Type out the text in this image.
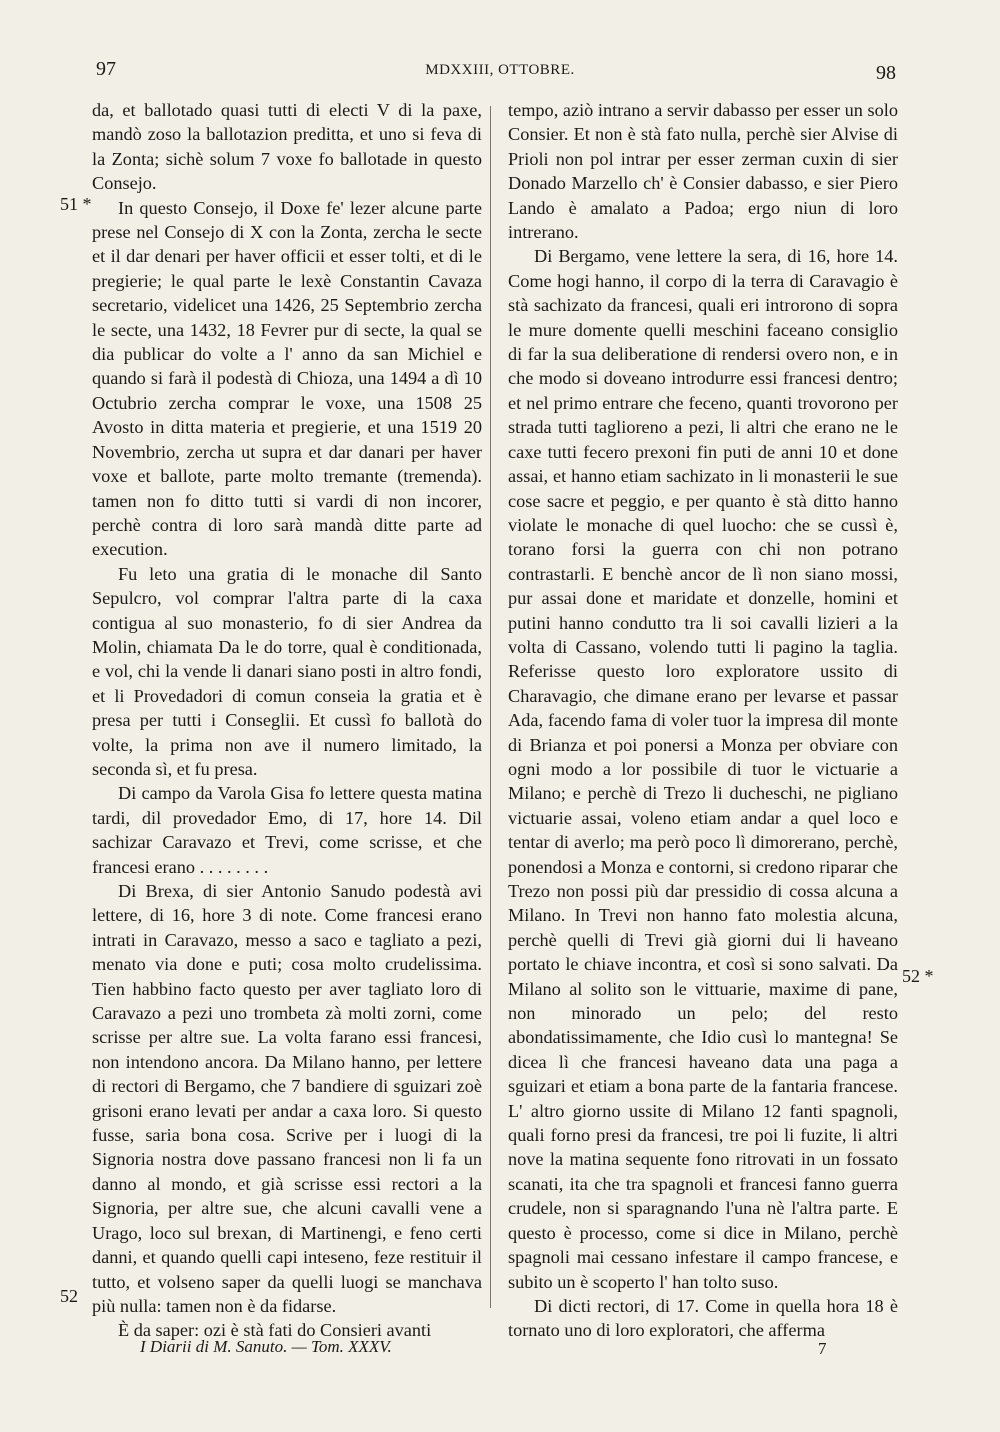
97	MDXXIII, OTTOBRE.	98
51 *
52
52 *

da, et ballotado quasi tutti di electi V di la paxe, mandò zoso la ballotazion preditta, et uno si feva di la Zonta; sichè solum 7 voxe fo ballotade in questo Consejo.

In questo Consejo, il Doxe fe' lezer alcune parte prese nel Consejo di X con la Zonta, zercha le secte et il dar denari per haver officii et esser tolti, et di le pregierie; le qual parte le lexè Constantin Cavaza secretario, videlicet una 1426, 25 Septembrio zercha le secte, una 1432, 18 Fevrer pur di secte, la qual se dia publicar do volte a l' anno da san Michiel e quando si farà il podestà di Chioza, una 1494 a dì 10 Octubrio zercha comprar le voxe, una 1508 25 Avosto in ditta materia et pregierie, et una 1519 20 Novembrio, zercha ut supra et dar danari per haver voxe et ballote, parte molto tremante (tremenda). tamen non fo ditto tutti si vardi di non incorer, perchè contra di loro sarà mandà ditte parte ad execution.

Fu leto una gratia di le monache dil Santo Sepulcro, vol comprar l'altra parte di la caxa contigua al suo monasterio, fo di sier Andrea da Molin, chiamata Da le do torre, qual è conditionada, e vol, chi la vende li danari siano posti in altro fondi, et li Provedadori di comun conseia la gratia et è presa per tutti i Conseglii. Et cussì fo ballotà do volte, la prima non ave il numero limitado, la seconda sì, et fu presa.

Di campo da Varola Gisa fo lettere questa matina tardi, dil provedador Emo, di 17, hore 14. Dil sachizar Caravazo et Trevi, come scrisse, et che francesi erano . . . . . . . .

Di Brexa, di sier Antonio Sanudo podestà avi lettere, di 16, hore 3 di note. Come francesi erano intrati in Caravazo, messo a saco e tagliato a pezi, menato via done e puti; cosa molto crudelissima. Tien habbino facto questo per aver tagliato loro di Caravazo a pezi uno trombeta zà molti zorni, come scrisse per altre sue. La volta farano essi francesi, non intendono ancora. Da Milano hanno, per lettere di rectori di Bergamo, che 7 bandiere di sguizari zoè grisoni erano levati per andar a caxa loro. Si questo fusse, saria bona cosa. Scrive per i luogi di la Signoria nostra dove passano francesi non li fa un danno al mondo, et già scrisse essi rectori a la Signoria, per altre sue, che alcuni cavalli vene a Urago, loco sul brexan, di Martinengi, e feno certi danni, et quando quelli capi inteseno, feze restituir il tutto, et volseno saper da quelli luogi se manchava più nulla: tamen non è da fidarse.

È da saper: ozi è stà fati do Consieri avanti

tempo, aziò intrano a servir dabasso per esser un solo Consier. Et non è stà fato nulla, perchè sier Alvise di Prioli non pol intrar per esser zerman cuxin di sier Donado Marzello ch' è Consier dabasso, e sier Piero Lando è amalato a Padoa; ergo niun di loro intrerano.

Di Bergamo, vene lettere la sera, di 16, hore 14. Come hogi hanno, il corpo di la terra di Caravagio è stà sachizato da francesi, quali eri introrono di sopra le mure domente quelli meschini faceano consiglio di far la sua deliberatione di rendersi overo non, e in che modo si doveano introdurre essi francesi dentro; et nel primo entrare che feceno, quanti trovorono per strada tutti taglioreno a pezi, li altri che erano ne le caxe tutti fecero prexoni fin puti de anni 10 et done assai, et hanno etiam sachizato in li monasterii le sue cose sacre et peggio, e per quanto è stà ditto hanno violate le monache di quel luocho: che se cussì è, torano forsi la guerra con chi non potrano contrastarli. E benchè ancor de lì non siano mossi, pur assai done et maridate et donzelle, homini et putini hanno condutto tra li soi cavalli lizieri a la volta di Cassano, volendo tutti li pagino la taglia. Referisse questo loro exploratore ussito di Charavagio, che dimane erano per levarse et passar Ada, facendo fama di voler tuor la impresa dil monte di Brianza et poi ponersi a Monza per obviare con ogni modo a lor possibile di tuor le victuarie a Milano; e perchè di Trezo li ducheschi, ne pigliano victuarie assai, voleno etiam andar a quel loco e tentar di averlo; ma però poco lì dimorerano, perchè, ponendosi a Monza e contorni, si credono riparar che Trezo non possi più dar pressidio di cossa alcuna a Milano. In Trevi non hanno fato molestia alcuna, perchè quelli di Trevi già giorni dui li haveano portato le chiave incontra, et così si sono salvati. Da Milano al solito son le vittuarie, maxime di pane, non minorado un pelo; del resto abondatissimamente, che Idio cusì lo mantegna! Se dicea lì che francesi haveano data una paga a sguizari et etiam a bona parte de la fantaria francese. L' altro giorno ussite di Milano 12 fanti spagnoli, quali forno presi da francesi, tre poi li fuzite, li altri nove la matina sequente fono ritrovati in un fossato scanati, ita che tra spagnoli et francesi fanno guerra crudele, non si sparagnando l'una nè l'altra parte. E questo è processo, come si dice in Milano, perchè spagnoli mai cessano infestare il campo francese, e subito un è scoperto l' han tolto suso.

Di dicti rectori, di 17. Come in quella hora 18 è tornato uno di loro exploratori, che afferma

I Diarii di M. Sanuto. — Tom. XXXV.	7
